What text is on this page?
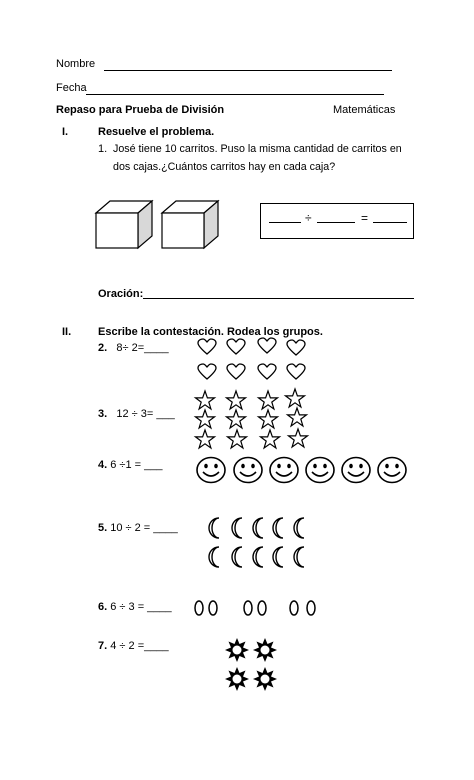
Nombre
Fecha
Repaso para Prueba de División	Matemáticas
I.	Resuelve el problema.
1. José tiene 10 carritos. Puso la misma cantidad de carritos en
dos cajas.¿Cuántos carritos hay en cada caja?
÷	=
Oración:
II. Escribe la contestación. Rodea los grupos.
2. 8÷ 2=____
3. 12 ÷ 3= ___
4. 6 ÷1 = ___
5. 10 ÷ 2 = ____
6. 6 ÷ 3 = ____
7. 4 ÷ 2 =____
